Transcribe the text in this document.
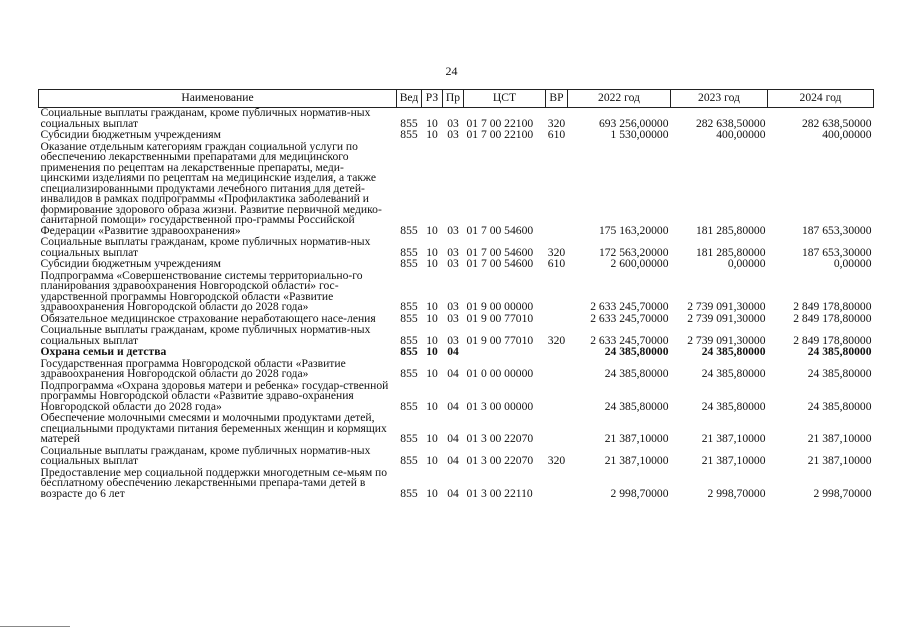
24
Наименование	Вед	РЗ	Пр	ЦСТ	ВР	2022 год	2023 год	2024 год
Социальные выплаты гражданам, кроме публичных норматив-ных социальных выплат	855	10	03	01 7 00 22100	320	693 256,00000	282 638,50000	282 638,50000
Субсидии бюджетным учреждениям	855	10	03	01 7 00 22100	610	1 530,00000	400,00000	400,00000
Оказание отдельным категориям граждан социальной услуги по обеспечению лекарственными препаратами для медицинского применения по рецептам на лекарственные препараты, меди-цинскими изделиями по рецептам на медицинские изделия, а также специализированными продуктами лечебного питания для детей-инвалидов в рамках подпрограммы «Профилактика заболеваний и формирование здорового образа жизни. Развитие первичной медико-санитарной помощи» государственной про-граммы Российской Федерации «Развитие здравоохранения»	855	10	03	01 7 00 54600		175 163,20000	181 285,80000	187 653,30000
Социальные выплаты гражданам, кроме публичных норматив-ных социальных выплат	855	10	03	01 7 00 54600	320	172 563,20000	181 285,80000	187 653,30000
Субсидии бюджетным учреждениям	855	10	03	01 7 00 54600	610	2 600,00000	0,00000	0,00000
Подпрограмма «Совершенствование системы территориально-го планирования здравоохранения Новгородской области» гос-ударственной программы Новгородской области «Развитие здравоохранения Новгородской области до 2028 года»	855	10	03	01 9 00 00000		2 633 245,70000	2 739 091,30000	2 849 178,80000
Обязательное медицинское страхование неработающего насе-ления	855	10	03	01 9 00 77010		2 633 245,70000	2 739 091,30000	2 849 178,80000
Социальные выплаты гражданам, кроме публичных норматив-ных социальных выплат	855	10	03	01 9 00 77010	320	2 633 245,70000	2 739 091,30000	2 849 178,80000
Охрана семьи и детства	855	10	04			24 385,80000	24 385,80000	24 385,80000
Государственная программа Новгородской области «Развитие здравоохранения Новгородской области до 2028 года»	855	10	04	01 0 00 00000		24 385,80000	24 385,80000	24 385,80000
Подпрограмма «Охрана здоровья матери и ребенка» государ-ственной программы Новгородской области «Развитие здраво-охранения Новгородской области до 2028 года»	855	10	04	01 3 00 00000		24 385,80000	24 385,80000	24 385,80000
Обеспечение молочными смесями и молочными продуктами детей, специальными продуктами питания беременных женщин и кормящих матерей	855	10	04	01 3 00 22070		21 387,10000	21 387,10000	21 387,10000
Социальные выплаты гражданам, кроме публичных норматив-ных социальных выплат	855	10	04	01 3 00 22070	320	21 387,10000	21 387,10000	21 387,10000
Предоставление мер социальной поддержки многодетным се-мьям по бесплатному обеспечению лекарственными препара-тами детей в возрасте до 6 лет	855	10	04	01 3 00 22110		2 998,70000	2 998,70000	2 998,70000
